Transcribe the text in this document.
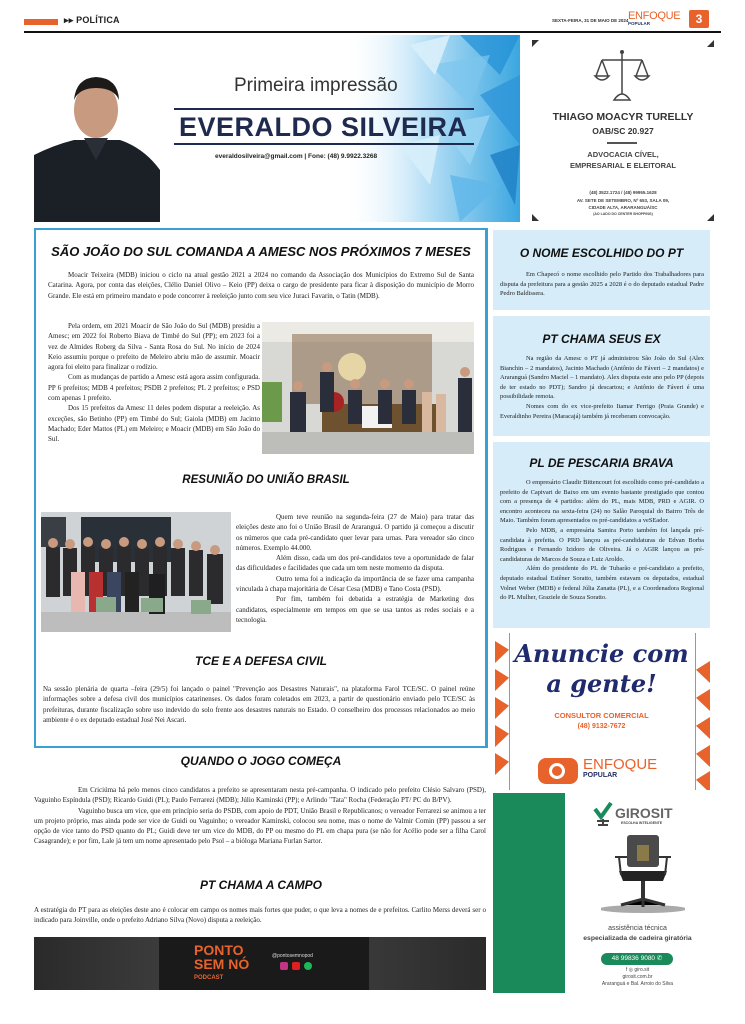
▸▸ POLÍTICA	SEXTA-FEIRA, 31 DE MAIO DE 2024 ENFOQUE
POPULAR	3
Primeira impressão
EVERALDO SILVEIRA
everaldosilveira@gmail.com | Fone: (48) 9.9922.3268
THIAGO MOACYR TURELLY
OAB/SC 20.927
ADVOCACIA CÍVEL,
EMPRESARIAL E ELEITORAL
(48) 3522.1724 / (48) 99955.1628
AV. SETE DE SETEMBRO, Nº 653, SALA 09,
CIDADE ALTA, ARARANGUÁ/SC
(AO LADO DO CENTER SHOPPING)
SÃO JOÃO DO SUL COMANDA A AMESC NOS PRÓXIMOS 7 MESES

Moacir Teixeira (MDB) iniciou o ciclo na atual gestão 2021 a 2024 no comando da Associação dos Municípios do Extremo Sul de Santa Catarina. Agora, por conta das eleições, Clélio Daniel Olivo – Keio (PP) deixa o cargo de presidente para ficar à disposição do município de Morro Grande. Ele está em primeiro mandato e pode concorrer à reeleição junto com seu vice Juraci Favarin, o Tatin (MDB).

Pela ordem, em 2021 Moacir de São João do Sul (MDB) presidiu a Amesc; em 2022 foi Roberto Biava de Timbé do Sul (PP); em 2023 foi a vez de Almides Roberg da Silva - Santa Rosa do Sul. No início de 2024 Keio assumiu porque o prefeito de Meleiro abriu mão de assumir. Moacir agora foi eleito para finalizar o rodízio.

Com as mudanças de partido a Amesc está agora assim configurada. PP 6 prefeitos; MDB 4 prefeitos; PSDB 2 prefeitos; PL 2 prefeitos; e PSD com apenas 1 prefeito.

Dos 15 prefeitos da Amesc 11 deles podem disputar a reeleição. As exceções, são Betinho (PP) em Timbé do Sul; Gaiola (MDB) em Jacinto Machado; Eder Mattos (PL) em Meleiro; e Moacir (MDB) em São João do Sul.

RESUNIÃO DO UNIÃO BRASIL

Quem teve reunião na segunda-feira (27 de Maio) para tratar das eleições deste ano foi o União Brasil de Araranguá. O partido já começou a discutir os números que cada pré-candidato quer levar para urnas. Para vereador são cinco números. Exemplo 44.000.

Além disso, cada um dos pré-candidatos teve a oportunidade de falar das dificuldades e facilidades que cada um tem neste momento da disputa.

Outro tema foi a indicação da importância de se fazer uma campanha vinculada à chapa majoritária de César Cesa (MDB) e Tano Costa (PSD).

Por fim, também foi debatida a estratégia de Marketing dos candidatos, especialmente em tempos em que se usa tantos as redes sociais e a tecnologia.

TCE E A DEFESA CIVIL

Na sessão plenária de quarta –feira (29/5) foi lançado o painel "Prevenção aos Desastres Naturais", na plataforma Farol TCE/SC. O painel reúne informações sobre a defesa civil dos municípios catarinenses. Os dados foram coletados em 2023, a partir de questionário enviado pelo TCE/SC às prefeituras, durante fiscalização sobre uso indevido do solo frente aos desastres naturais no Estado. O conselheiro dos processos relacionados ao meio ambiente é o ex deputado estadual José Nei Ascari.

QUANDO O JOGO COMEÇA

Em Criciúma há pelo menos cinco candidatos a prefeito se apresentaram nesta pré-campanha. O indicado pelo prefeito Clésio Salvaro (PSD), Vaguinho Espíndula (PSD); Ricardo Guidi (PL); Paulo Ferrarezi (MDB); Júlio Kaminski (PP); e Arlindo "Tata" Rocha (Federação PT/ PC do B/PV).

Vaguinho busca um vice, que em princípio seria do PSDB, com apoio de PDT, União Brasil e Republicanos; o vereador Ferrarezi se animou a ter um projeto próprio, mas ainda pode ser vice de Guidi ou Vaguinho; o vereador Kaminski, colocou seu nome, mas o nome de Valmir Comin (PP) passou a ser opção de vice tanto do PSD quanto do PL; Guidi deve ter um vice do MDB, do PP ou mesmo do PL em chapa pura (se não for Acélio pode ser a filha Carol Casagrande); e por fim, Lale já tem um nome apresentado pelo Psol – a bióloga Mariana Furlan Sartor.

PT CHAMA A CAMPO

A estratégia do PT para as eleições deste ano é colocar em campo os nomes mais fortes que puder, o que leva a nomes de e prefeitos. Carlito Merss deverá ser o indicado para Joinville, onde o prefeito Adriano Silva (Novo) disputa a reeleição.

PONTO
SEM NÓ
PODCAST
@pontosemnopod
O NOME ESCOLHIDO DO PT

Em Chapecó o nome escolhido pelo Partido dos Trabalhadores para disputa da prefeitura para a gestão 2025 a 2028 é o do deputado estadual Padre Pedro Baldissera.

PT CHAMA SEUS EX

Na região da Amesc o PT já administrou São João do Sul (Alex Bianchin – 2 mandatos), Jacinto Machado (Antônio de Fáveri – 2 mandatos) e Araranguá (Sandro Maciel – 1 mandato). Alex disputa este ano pelo PP (depois de ter estado no PDT); Sandro já descartou; e Antônio de Fáveri é uma possibilidade remota.

Nomes com do ex vice-prefeito Itamar Ferrigo (Praia Grande) e Everaldinho Pereira (Maracajá) também já receberam convocação.

PL DE PESCARIA BRAVA

O empresário Claudir Bittencourt foi escolhido como pré-candidato a prefeito de Capivari de Baixo em um evento bastante prestigiado que contou com a presença de 4 partidos: além do PL, mais MDB, PRD e AGIR. O encontro aconteceu na sexta-feira (24) no Salão Paroquial do Bairro Três de Maio. Também foram apresentados os pré-candidatos a veSEador.

Pelo MDB, a empresária Samira Porto também foi lançada pré-candidata à prefeita. O PRD lançou as pré-candidaturas de Edvan Borba Rodrigues e Fernando Izidoro de Oliveira. Já o AGIR lançou as pré-candidaturas de Marcos de Souza e Luiz Aroldo.

Além do presidente do PL de Tubarão e pré-candidato a prefeito, deputado estadual Estêner Soratto, também estavam os deputados, estadual Volnei Weber (MDB) e federal Júlia Zanatta (PL), e a Coordenadora Regional do PL Mulher, Graziele de Souza Soratto.

Anuncie com
a gente!
CONSULTOR COMERCIAL
(48) 9132-7672
ENFOQUE
POPULAR
GIROSIT
ESCOLHA INTELIGENTE
assistência técnica
especializada de cadeira giratória
48 99836 9080 ✆
f ◎ giro.sit
girosit.com.br
Araranguá e Bal. Arroio do Silva
